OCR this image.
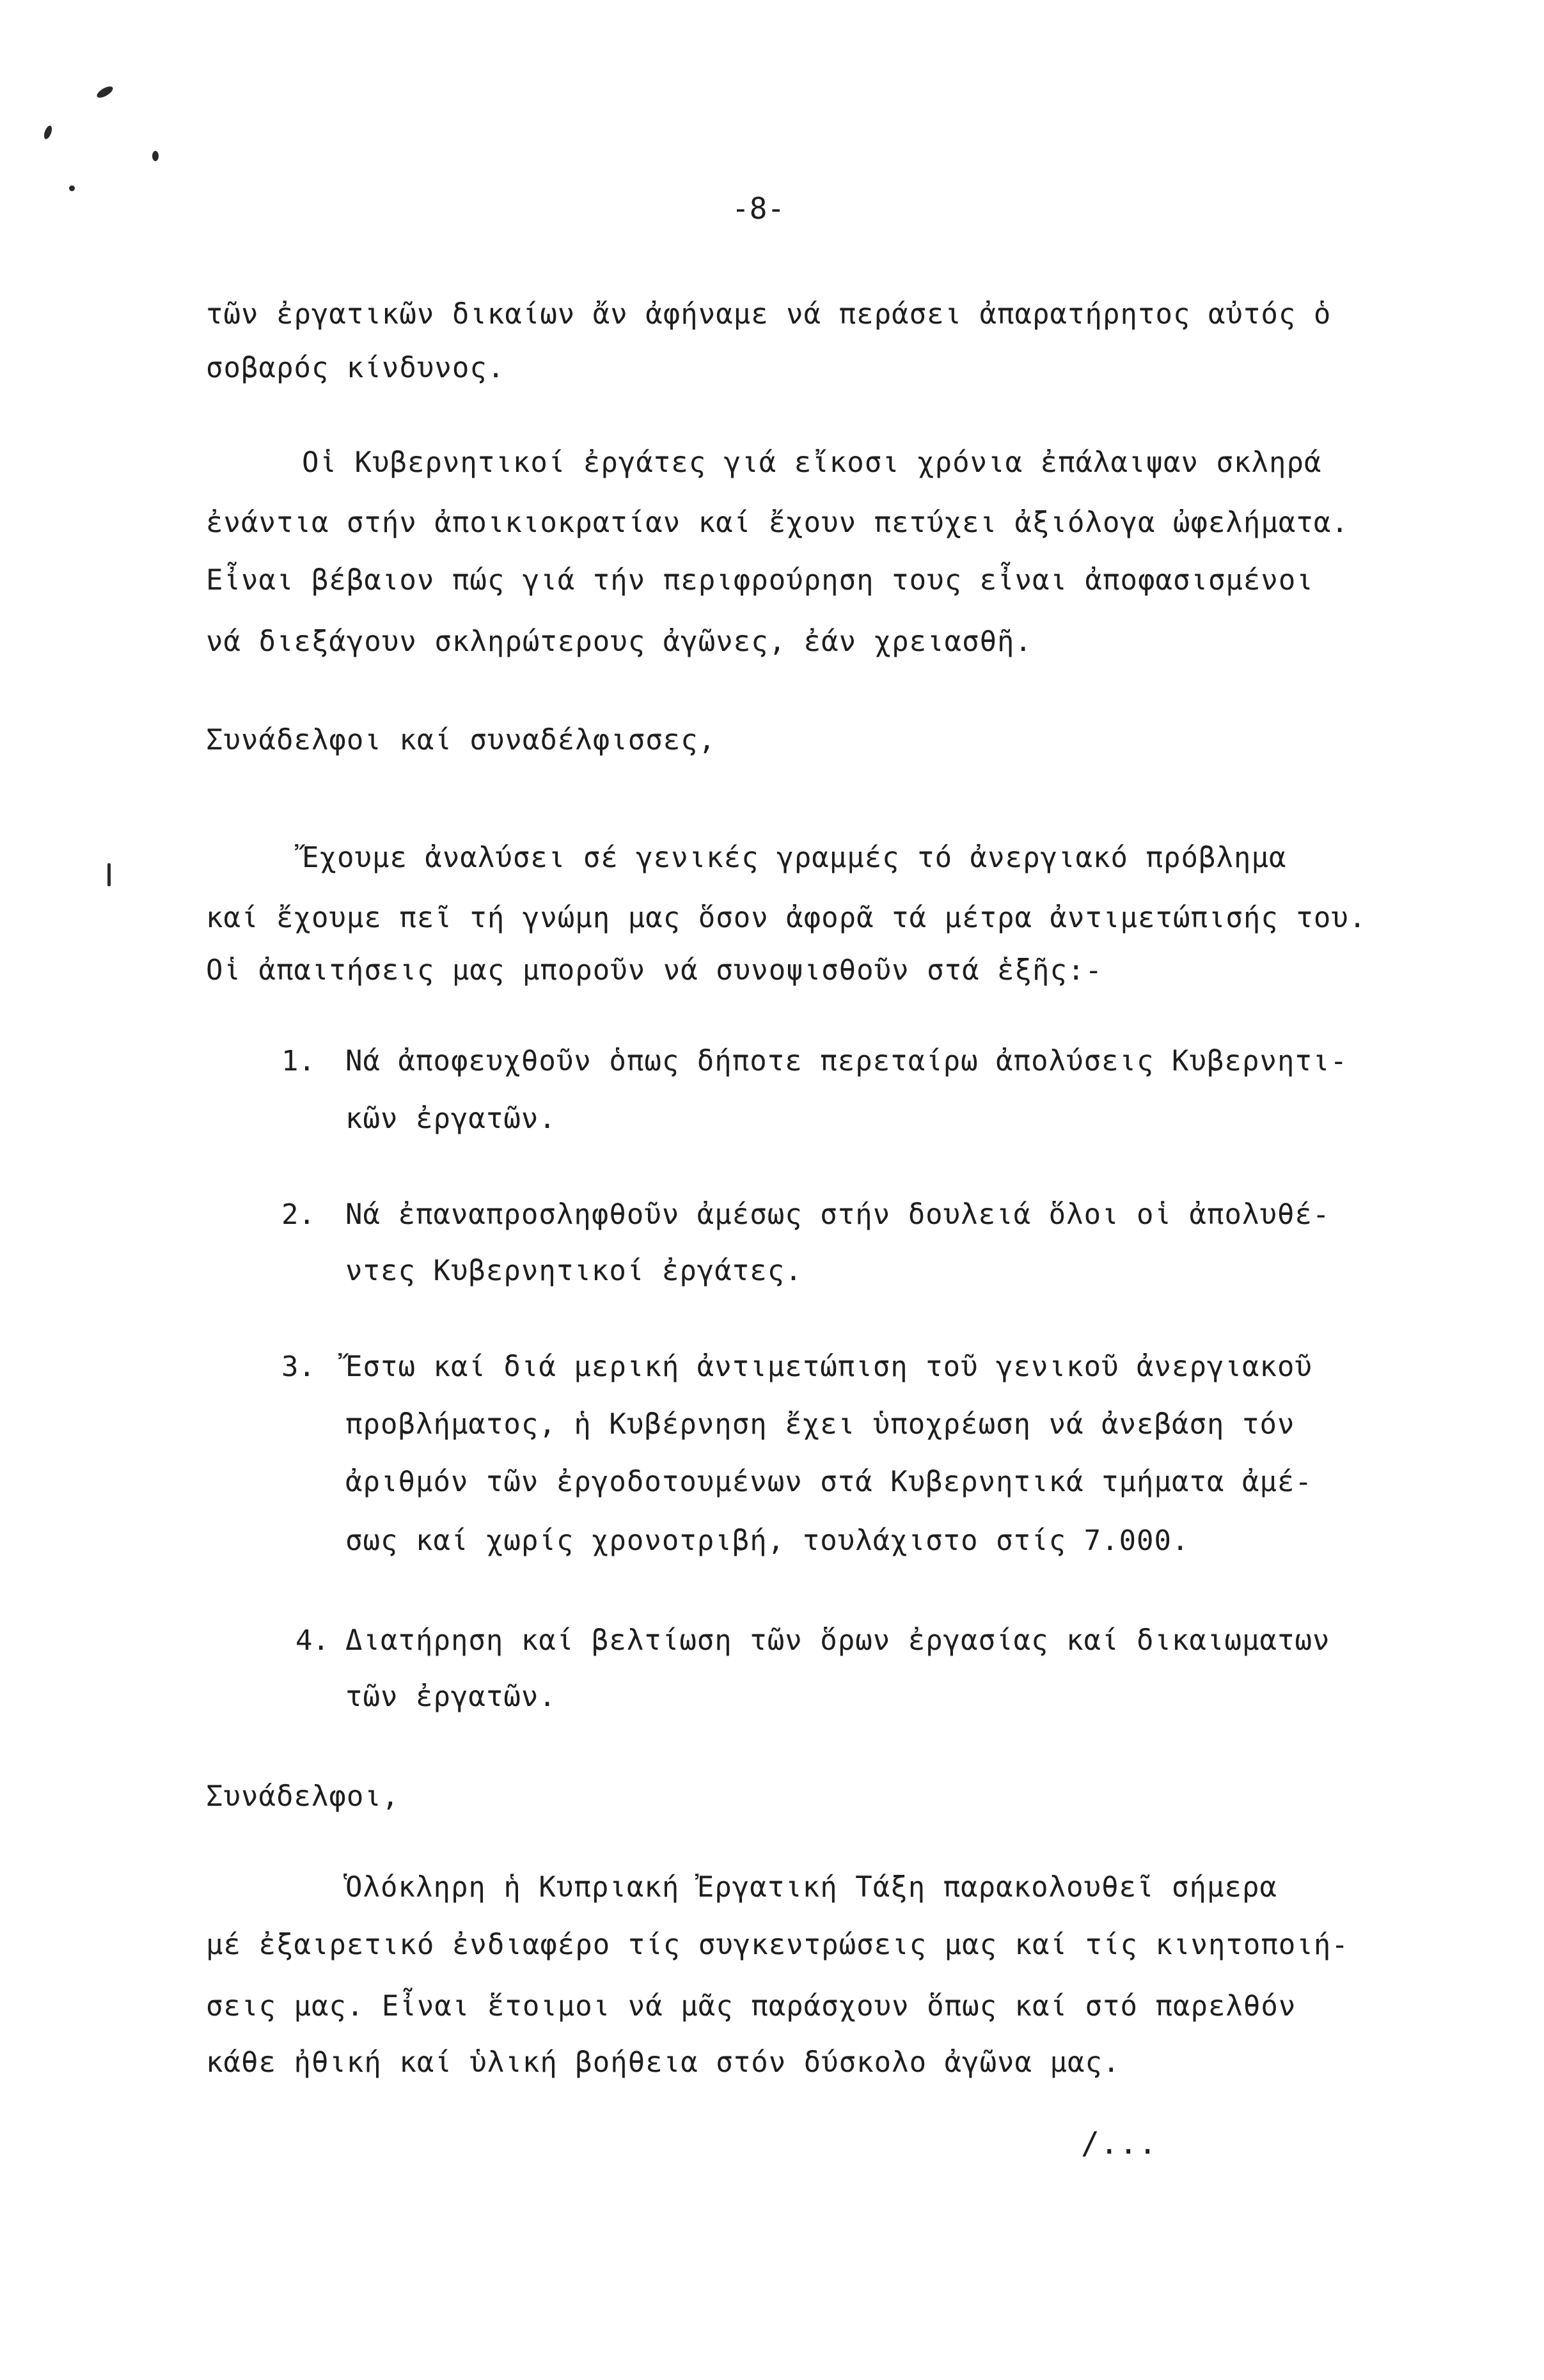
-8-
τῶν ἐργατικῶν δικαίων ἄν ἀφήναμε νά περάσει ἀπαρατήρητος αὐτός ὁ
σοβαρός κίνδυνος.
Οἱ Κυβερνητικοί ἐργάτες γιά εἴκοσι χρόνια ἐπάλαιψαν σκληρά
ἐνάντια στήν ἀποικιοκρατίαν καί ἔχουν πετύχει ἀξιόλογα ὠφελήματα.
Εἶναι βέβαιον πώς γιά τήν περιφρούρηση τους εἶναι ἀποφασισμένοι
νά διεξάγουν σκληρώτερους ἀγῶνες, ἐάν χρειασθῆ.
Συνάδελφοι καί συναδέλφισσες,
Ἔχουμε ἀναλύσει σέ γενικές γραμμές τό ἀνεργιακό πρόβλημα
καί ἔχουμε πεῖ τή γνώμη μας ὅσον ἀφορᾶ τά μέτρα ἀντιμετώπισής του.
Οἱ ἀπαιτήσεις μας μποροῦν νά συνοψισθοῦν στά ἑξῆς:-
1. Νά ἀποφευχθοῦν ὁπως δήποτε περεταίρω ἀπολύσεις Κυβερνητι-
κῶν ἐργατῶν.
2. Νά ἐπαναπροσληφθοῦν ἀμέσως στήν δουλειά ὅλοι οἱ ἀπολυθέ-
ντες Κυβερνητικοί ἐργάτες.
3. Ἔστω καί διά μερική ἀντιμετώπιση τοῦ γενικοῦ ἀνεργιακοῦ
προβλήματος, ἡ Κυβέρνηση ἔχει ὑποχρέωση νά ἀνεβάση τόν
ἀριθμόν τῶν ἐργοδοτουμένων στά Κυβερνητικά τμήματα ἀμέ-
σως καί χωρίς χρονοτριβή, τουλάχιστο στίς 7.000.
4. Διατήρηση καί βελτίωση τῶν ὅρων ἐργασίας καί δικαιωματων
τῶν ἐργατῶν.
Συνάδελφοι,
Ὁλόκληρη ἡ Κυπριακή Ἐργατική Τάξη παρακολουθεῖ σήμερα
μέ ἐξαιρετικό ἐνδιαφέρο τίς συγκεντρώσεις μας καί τίς κινητοποιή-
σεις μας. Εἶναι ἕτοιμοι νά μᾶς παράσχουν ὅπως καί στό παρελθόν
κάθε ἠθική καί ὑλική βοήθεια στόν δύσκολο ἀγῶνα μας.
/...
